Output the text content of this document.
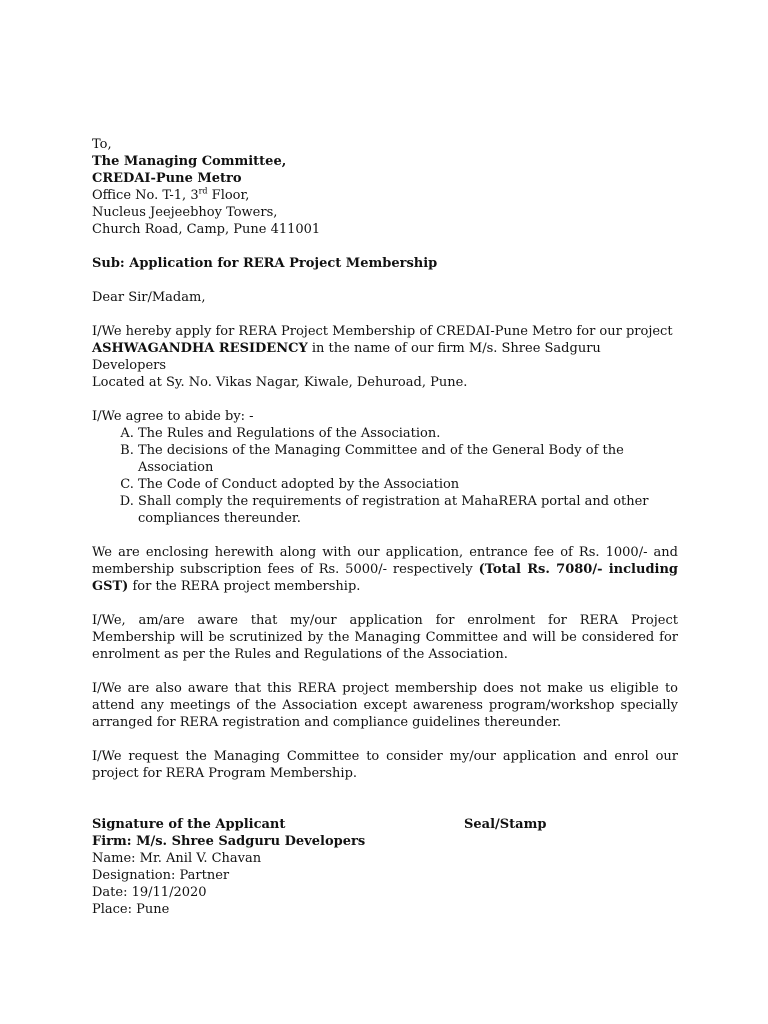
To,

The Managing Committee,

CREDAI-Pune Metro

Office No. T-1, 3rd Floor,

Nucleus Jeejeebhoy Towers,

Church Road, Camp, Pune 411001

Sub: Application for RERA Project Membership

Dear Sir/Madam,

I/We hereby apply for RERA Project Membership of CREDAI-Pune Metro for our project

ASHWAGANDHA RESIDENCY in the name of our firm M/s. Shree Sadguru Developers

Located at Sy. No. Vikas Nagar, Kiwale, Dehuroad, Pune.

I/We agree to abide by: -

A. The Rules and Regulations of the Association.
B. The decisions of the Managing Committee and of the General Body of the Association
C. The Code of Conduct adopted by the Association
D. Shall comply the requirements of registration at MahaRERA portal and other compliances thereunder.

We are enclosing herewith along with our application, entrance fee of Rs. 1000/- and membership subscription fees of Rs. 5000/- respectively (Total Rs. 7080/- including GST) for the RERA project membership.

I/We, am/are aware that my/our application for enrolment for RERA Project Membership will be scrutinized by the Managing Committee and will be considered for enrolment as per the Rules and Regulations of the Association.

I/We are also aware that this RERA project membership does not make us eligible to attend any meetings of the Association except awareness program/workshop specially arranged for RERA registration and compliance guidelines thereunder.

I/We request the Managing Committee to consider my/our application and enrol our project for RERA Program Membership.

Signature of the Applicant	Seal/Stamp

Firm: M/s. Shree Sadguru Developers

Name: Mr. Anil V. Chavan

Designation: Partner

Date: 19/11/2020

Place: Pune
